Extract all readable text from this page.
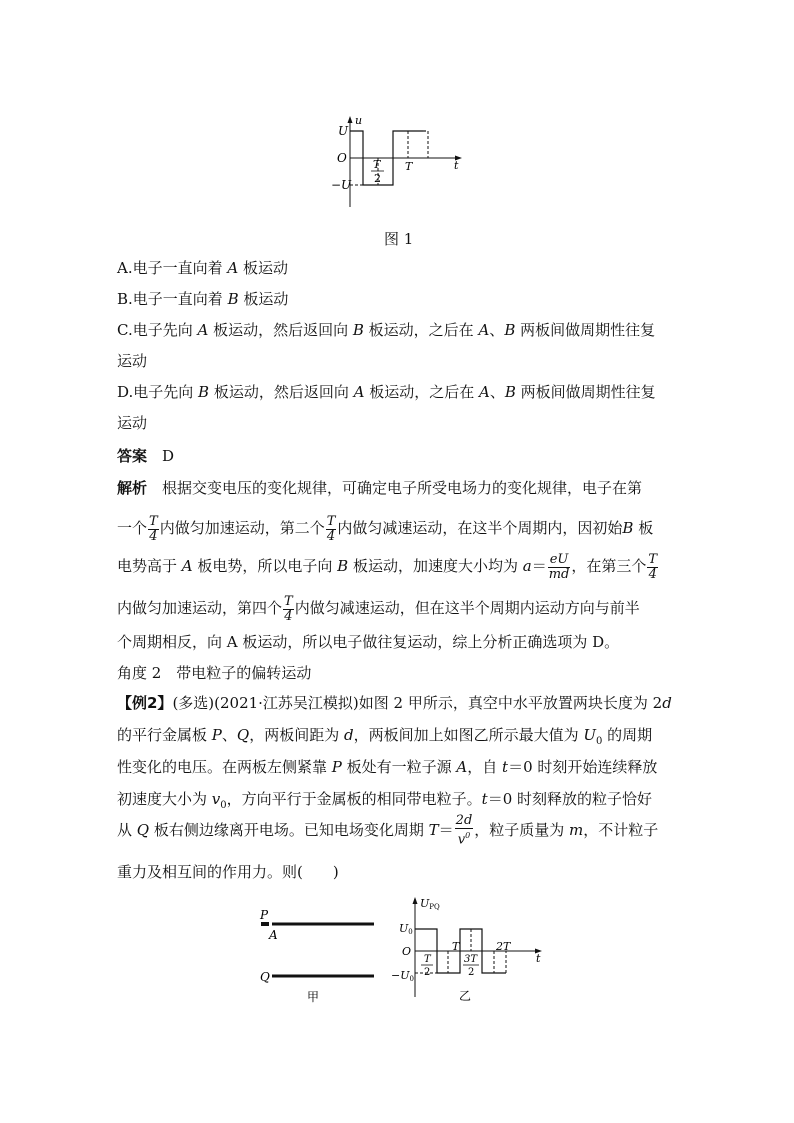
u
t
U
O
−U
T
2
T
图 1
A.电子一直向着 A 板运动
B.电子一直向着 B 板运动
C.电子先向 A 板运动，然后返回向 B 板运动，之后在 A、B 两板间做周期性往复
运动
D.电子先向 B 板运动，然后返回向 A 板运动，之后在 A、B 两板间做周期性往复
运动
答案　 D
解析　 根据交变电压的变化规律，可确定电子所受电场力的变化规律，电子在第
一个 $\frac{T}{4}$ 内做匀加速运动，第二个 $\frac{T}{4}$ 内做匀减速运动，在这半个周期内，因初始B 板
电势高于 A 板电势，所以电子向 B 板运动，加速度大小均为 $a= \frac{eU}{md}$ ，在第三个 $\frac{T}{4}$
内做匀加速运动，第四个 $\frac{T}{4}$ 内做匀减速运动，但在这半个周期内运动方向与前半
个周期相反，向 A 板运动，所以电子做往复运动，综上分析正确选项为 D。
角度 2　带电粒子的偏转运动
【例2】(多选)(2021·江苏吴江模拟)如图 2 甲所示，真空中水平放置两块长度为 2d
的平行金属板 P、Q，两板间距为 d，两板间加上如图乙所示最大值为 $U_0$ 的周期
性变化的电压。在两板左侧紧靠 P 板处有一粒子源 A，自 t＝0 时刻开始连续释放
初速度大小为 $v_0$，方向平行于金属板的相同带电粒子。t＝0 时刻释放的粒子恰好
从 Q 板右侧边缘离开电场。已知电场变化周期 $T= \frac{2d}{v^0}$ ，粒子质量为 m，不计粒子
重力及相互间的作用力。则(　　)
P
A
Q
甲
UPQ
t
U0
O
−U0
T
2
T
3T
2
2T
乙
